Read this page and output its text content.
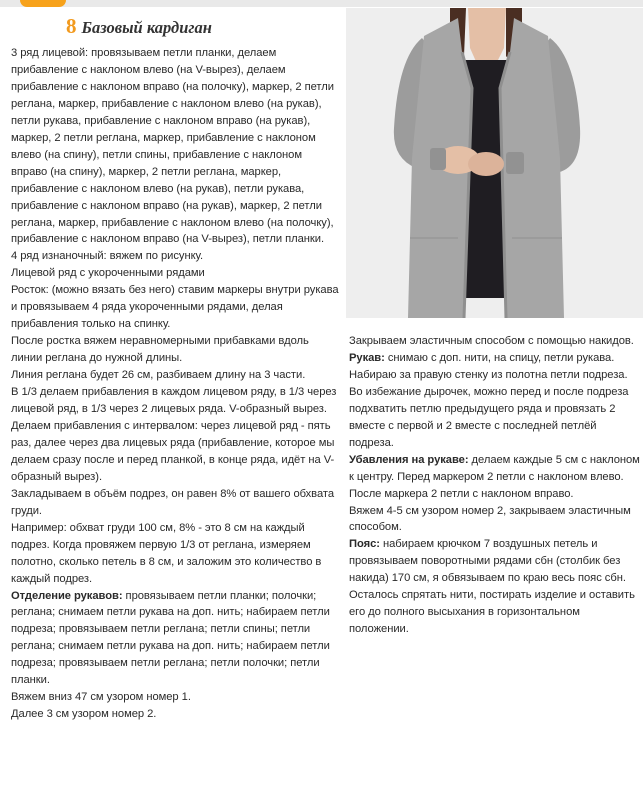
8 Базовый кардиган

3 ряд лицевой: провязываем петли планки, делаем прибавление с наклоном влево (на V-вырез), делаем прибавление с наклоном вправо (на полочку), маркер, 2 петли реглана, маркер, прибавление с наклоном влево (на рукав), петли рукава, прибавление с наклоном вправо (на рукав), маркер, 2 петли реглана, маркер, прибавление с наклоном влево (на спину), петли спины, прибавление с наклоном вправо (на спину), маркер, 2 петли реглана, маркер, прибавление с наклоном влево (на рукав), петли рукава, прибавление с наклоном вправо (на рукав), маркер, 2 петли реглана, маркер, прибавление с наклоном влево (на полочку), прибавление с наклоном вправо (на V-вырез), петли планки.

4 ряд изнаночный: вяжем по рисунку.

Лицевой ряд с укороченными рядами

Росток: (можно вязать без него) ставим маркеры внутри рукава и провязываем 4 ряда укороченными рядами, делая прибавления только на спинку.

После ростка вяжем неравномерными прибавками вдоль линии реглана до нужной длины.

Линия реглана будет 26 см, разбиваем длину на 3 части.

В 1/3 делаем прибавления в каждом лицевом ряду, в 1/3 через лицевой ряд, в 1/3 через 2 лицевых ряда. V-образный вырез. Делаем прибавления с интервалом: через лицевой ряд - пять раз, далее через два лицевых ряда (прибавление, которое мы делаем сразу после и перед планкой, в конце ряда, идёт на V-образный вырез).

Закладываем в объём подрез, он равен 8% от вашего обхвата груди.

Например: обхват груди 100 см, 8% - это 8 см на каждый подрез. Когда провяжем первую 1/3 от реглана, измеряем полотно, сколько петель в 8 см, и заложим это количество в каждый подрез.

Отделение рукавов: провязываем петли планки; полочки; реглана; снимаем петли рукава на доп. нить; набираем петли подреза; провязываем петли реглана; петли спины; петли реглана; снимаем петли рукава на доп. нить; набираем петли подреза; провязываем петли реглана; петли полочки; петли планки.

Вяжем вниз 47 см узором номер 1.

Далее 3 см узором номер 2.

Закрываем эластичным способом с помощью накидов.

Рукав: снимаю с доп. нити, на спицу, петли рукава. Набираю за правую стенку из полотна петли подреза. Во избежание дырочек, можно перед и после подреза подхватить петлю предыдущего ряда и провязать 2 вместе с первой и 2 вместе с последней петлёй подреза.

Убавления на рукаве: делаем каждые 5 см с наклоном к центру. Перед маркером 2 петли с наклоном влево. После маркера 2 петли с наклоном вправо.

Вяжем 4-5 см узором номер 2, закрываем эластичным способом.

Пояс: набираем крючком 7 воздушных петель и провязываем поворотными рядами сбн (столбик без накида) 170 см, я обвязываем по краю весь пояс сбн.

Осталось спрятать нити, постирать изделие и оставить его до полного высыхания в горизонтальном положении.
